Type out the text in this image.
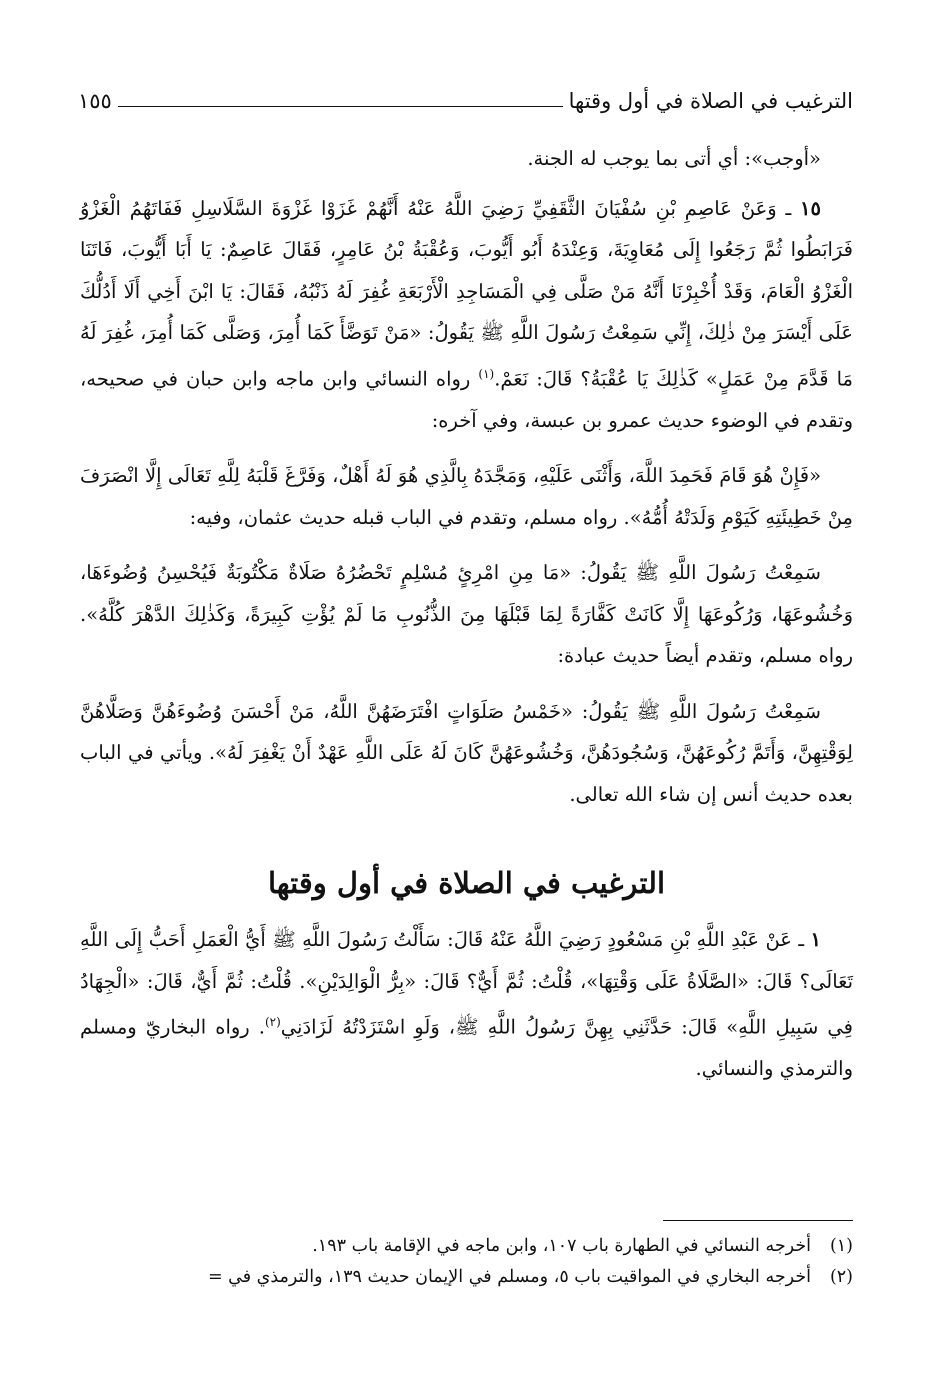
الترغيب في الصلاة في أول وقتها
١٥٥

«أوجب»: أي أتى بما يوجب له الجنة.

١٥ ـ وَعَنْ عَاصِمِ بْنِ سُفْيَانَ الثَّقَفِيِّ رَضِيَ اللَّهُ عَنْهُ أَنَّهُمْ غَزَوْا غَزْوَةَ السَّلَاسِلِ فَفَاتَهُمُ الْغَزْوُ فَرَابَطُوا ثُمَّ رَجَعُوا إِلَى مُعَاوِيَةَ، وَعِنْدَهُ أَبُو أَيُّوبَ، وَعُقْبَةُ بْنُ عَامِرٍ، فَقَالَ عَاصِمٌ: يَا أَبَا أَيُّوبَ، فَاتَنَا الْغَزْوُ الْعَامَ، وَقَدْ أُخْبِرْنَا أَنَّهُ مَنْ صَلَّى فِي الْمَسَاجِدِ الْأَرْبَعَةِ غُفِرَ لَهُ ذَنْبُهُ، فَقَالَ: يَا ابْنَ أَخِي أَلَا أَدُلُّكَ عَلَى أَيْسَرَ مِنْ ذٰلِكَ، إِنِّي سَمِعْتُ رَسُولَ اللَّهِ ﷺ يَقُولُ: «مَنْ تَوَضَّأَ كَمَا أُمِرَ، وَصَلَّى كَمَا أُمِرَ، غُفِرَ لَهُ مَا قَدَّمَ مِنْ عَمَلٍ» كَذٰلِكَ يَا عُقْبَةُ؟ قَالَ: نَعَمْ.$^{(١)}$ رواه النسائي وابن ماجه وابن حبان في صحيحه، وتقدم في الوضوء حديث عمرو بن عبسة، وفي آخره:

«فَإِنْ هُوَ قَامَ فَحَمِدَ اللَّهَ، وَأَثْنَى عَلَيْهِ، وَمَجَّدَهُ بِالَّذِي هُوَ لَهُ أَهْلٌ، وَفَرَّغَ قَلْبَهُ لِلَّهِ تَعَالَى إِلَّا انْصَرَفَ مِنْ خَطِيئَتِهِ كَيَوْمِ وَلَدَتْهُ أُمُّهُ». رواه مسلم، وتقدم في الباب قبله حديث عثمان، وفيه:

سَمِعْتُ رَسُولَ اللَّهِ ﷺ يَقُولُ: «مَا مِنِ امْرِئٍ مُسْلِمٍ تَحْضُرُهُ صَلَاةٌ مَكْتُوبَةٌ فَيُحْسِنُ وُضُوءَهَا، وَخُشُوعَهَا، وَرُكُوعَهَا إِلَّا كَانَتْ كَفَّارَةً لِمَا قَبْلَهَا مِنَ الذُّنُوبِ مَا لَمْ يُؤْتِ كَبِيرَةً، وَكَذٰلِكَ الدَّهْرَ كُلَّهُ». رواه مسلم، وتقدم أيضاً حديث عبادة:

سَمِعْتُ رَسُولَ اللَّهِ ﷺ يَقُولُ: «خَمْسُ صَلَوَاتٍ افْتَرَضَهُنَّ اللَّهُ، مَنْ أَحْسَنَ وُضُوءَهُنَّ وَصَلَّاهُنَّ لِوَقْتِهِنَّ، وَأَتَمَّ رُكُوعَهُنَّ، وَسُجُودَهُنَّ، وَخُشُوعَهُنَّ كَانَ لَهُ عَلَى اللَّهِ عَهْدٌ أَنْ يَغْفِرَ لَهُ». ويأتي في الباب بعده حديث أنس إن شاء الله تعالى.

الترغيب في الصلاة في أول وقتها

١ ـ عَنْ عَبْدِ اللَّهِ بْنِ مَسْعُودٍ رَضِيَ اللَّهُ عَنْهُ قَالَ: سَأَلْتُ رَسُولَ اللَّهِ ﷺ أَيُّ الْعَمَلِ أَحَبُّ إِلَى اللَّهِ تَعَالَى؟ قَالَ: «الصَّلَاةُ عَلَى وَقْتِهَا»، قُلْتُ: ثُمَّ أَيٌّ؟ قَالَ: «بِرُّ الْوَالِدَيْنِ». قُلْتُ: ثُمَّ أَيٌّ، قَالَ: «الْجِهَادُ فِي سَبِيلِ اللَّهِ» قَالَ: حَدَّثَنِي بِهِنَّ رَسُولُ اللَّهِ ﷺ، وَلَوِ اسْتَزَدْتُهُ لَزَادَنِي$^{(٢)}$. رواه البخاريّ ومسلم والترمذي والنسائي.

(١)
أخرجه النسائي في الطهارة باب ١٠٧، وابن ماجه في الإقامة باب ١٩٣.
(٢)
أخرجه البخاري في المواقيت باب ٥، ومسلم في الإيمان حديث ١٣٩، والترمذي في =
